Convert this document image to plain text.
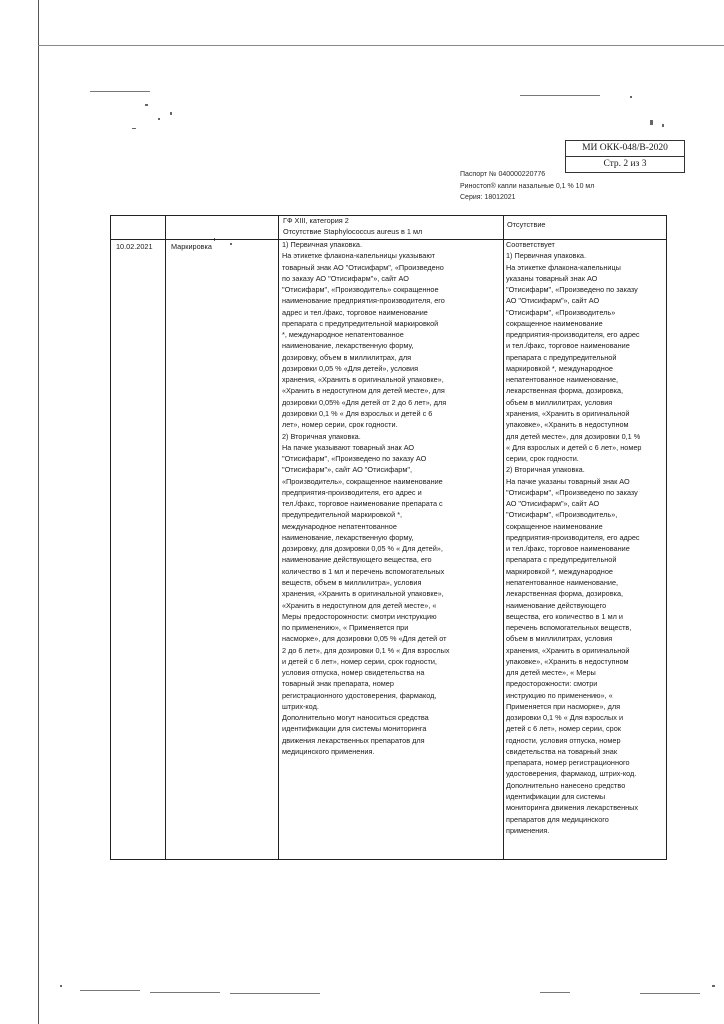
МИ ОКК-048/В-2020
Стр. 2 из 3
Паспорт № 040000220776
Риностоп® капли назальные 0,1 % 10 мл
Серия: 18012021
ГФ XIII, категория 2
Отсутствие Staphylococcus aureus в 1 мл
Отсутствие
10.02.2021	Маркировка	1) Первичная упаковка.
На этикетке флакона-капельницы указывают
товарный знак АО "Отисифарм", «Произведено
по заказу АО "Отисифарм"», сайт АО
"Отисифарм", «Производитель» сокращенное
наименование предприятия-производителя, его
адрес и тел./факс, торговое наименование
препарата с предупредительной маркировкой
*, международное непатентованное
наименование, лекарственную форму,
дозировку, объем в миллилитрах, для
дозировки 0,05 % «Для детей», условия
хранения, «Хранить в оригинальной упаковке»,
«Хранить в недоступном для детей месте», для
дозировки 0,05% «Для детей от 2 до 6 лет», для
дозировки 0,1 % « Для взрослых и детей с 6
лет», номер серии, срок годности.
2) Вторичная упаковка.
На пачке указывают товарный знак АО
"Отисифарм", «Произведено по заказу АО
"Отисифарм"», сайт АО "Отисифарм",
«Производитель», сокращенное наименование
предприятия-производителя, его адрес и
тел./факс, торговое наименование препарата с
предупредительной маркировкой *,
международное непатентованное
наименование, лекарственную форму,
дозировку, для дозировки 0,05 % « Для детей»,
наименование действующего вещества, его
количество в 1 мл и перечень вспомогательных
веществ, объем в миллилитра», условия
хранения, «Хранить в оригинальной упаковке»,
«Хранить в недоступном для детей месте», «
Меры предосторожности: смотри инструкцию
по применению», « Применяется при
насморке», для дозировки 0,05 % «Для детей от
2 до 6 лет», для дозировки 0,1 % « Для взрослых
и детей с 6 лет», номер серии, срок годности,
условия отпуска, номер свидетельства на
товарный знак препарата, номер
регистрационного удостоверения, фармакод,
штрих-код.
Дополнительно могут наноситься средства
идентификации для системы мониторинга
движения лекарственных препаратов для
медицинского применения.
Соответствует
1) Первичная упаковка.
На этикетке флакона-капельницы
указаны товарный знак АО
"Отисифарм", «Произведено по заказу
АО "Отисифарм"», сайт АО
"Отисифарм", «Производитель»
сокращенное наименование
предприятия-производителя, его адрес
и тел./факс, торговое наименование
препарата с предупредительной
маркировкой *, международное
непатентованное наименование,
лекарственная форма, дозировка,
объем в миллилитрах, условия
хранения, «Хранить в оригинальной
упаковке», «Хранить в недоступном
для детей месте», для дозировки 0,1 %
« Для взрослых и детей с 6 лет», номер
серии, срок годности.
2) Вторичная упаковка.
На пачке указаны товарный знак АО
"Отисифарм", «Произведено по заказу
АО "Отисифарм"», сайт АО
"Отисифарм", «Производитель»,
сокращенное наименование
предприятия-производителя, его адрес
и тел./факс, торговое наименование
препарата с предупредительной
маркировкой *, международное
непатентованное наименование,
лекарственная форма, дозировка,
наименование действующего
вещества, его количество в 1 мл и
перечень вспомогательных веществ,
объем в миллилитрах, условия
хранения, «Хранить в оригинальной
упаковке», «Хранить в недоступном
для детей месте», « Меры
предосторожности: смотри
инструкцию по применению», «
Применяется при насморке», для
дозировки 0,1 % « Для взрослых и
детей с 6 лет», номер серии, срок
годности, условия отпуска, номер
свидетельства на товарный знак
препарата, номер регистрационного
удостоверения, фармакод, штрих-код.
Дополнительно нанесено средство
идентификации для системы
мониторинга движения лекарственных
препаратов для медицинского
применения.
